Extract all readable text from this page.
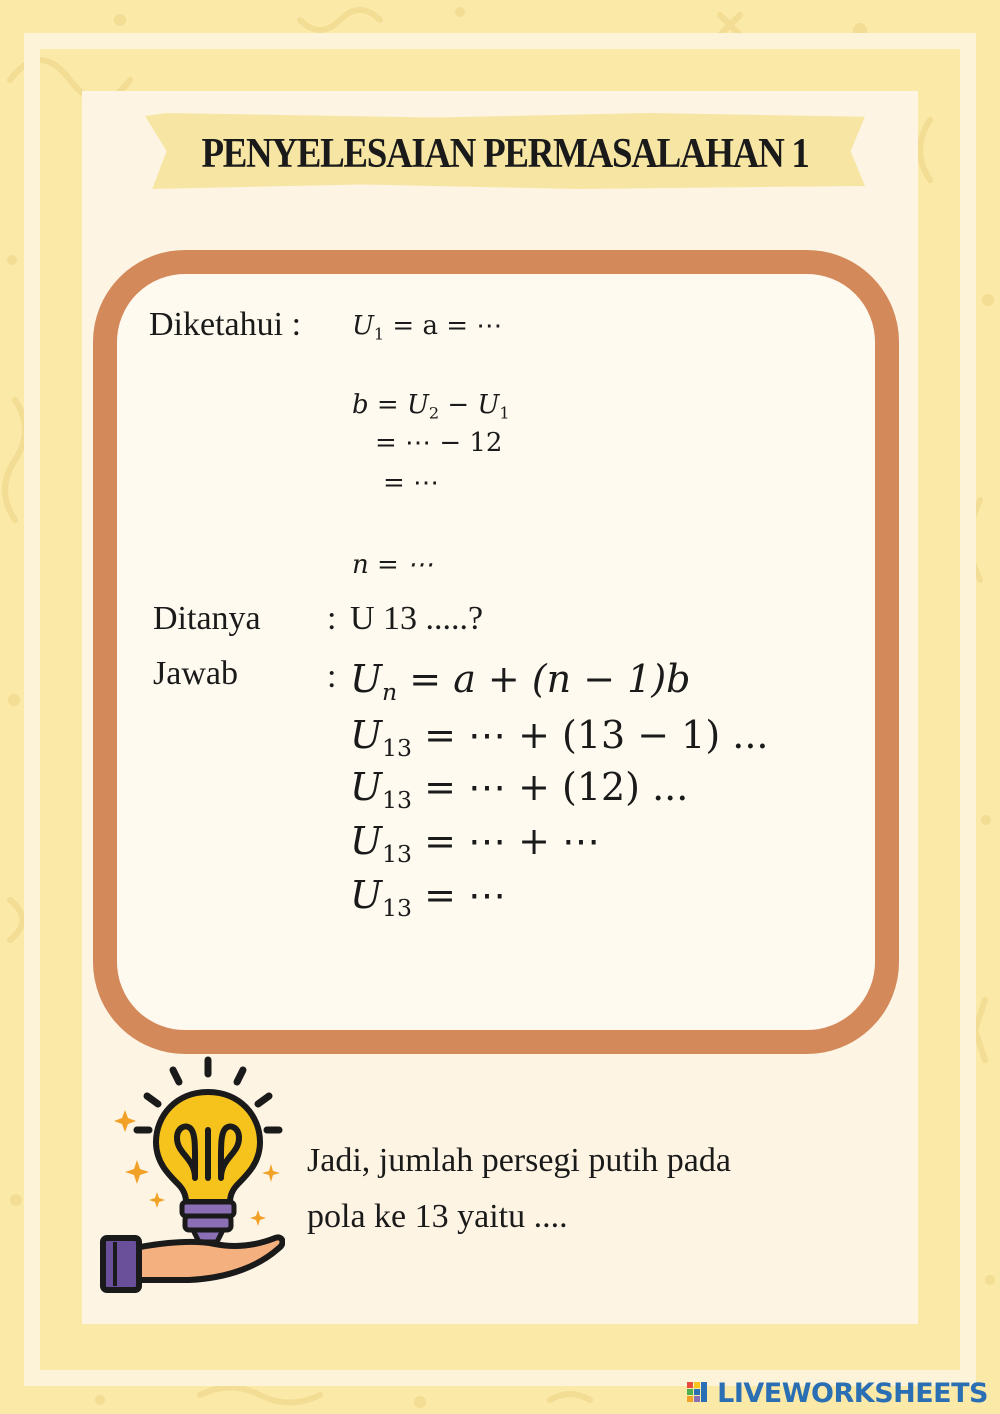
PENYELESAIAN PERMASALAHAN 1
Diketahui : $U_1 = a$ = ⋯
$b = U_2 - U_1$
= ⋯ − 12
= ⋯
n = ⋯
Ditanya : U 13 .....?
Jawab	: $U_n = a + (n - 1)b$
$U_{13}$ = ⋯ + (13 − 1) ...
$U_{13}$ = ⋯ + (12) ...
$U_{13}$ = ⋯ + ⋯
$U_{13}$ = ⋯

Jadi, jumlah persegi putih pada
pola ke 13 yaitu ....

LIVEWORKSHEETS
